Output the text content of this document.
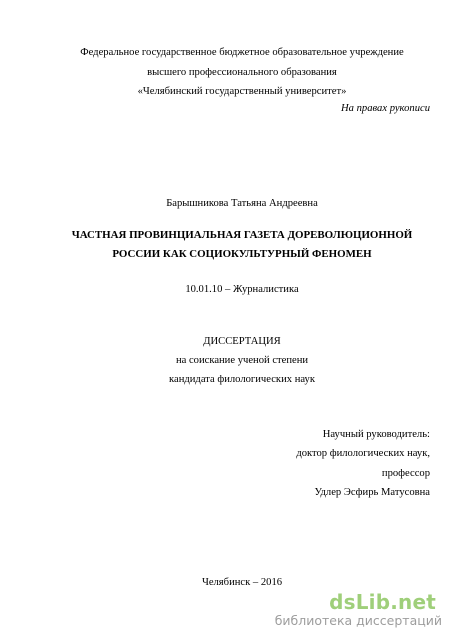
Федеральное государственное бюджетное образовательное учреждение
высшего профессионального образования
«Челябинский государственный университет»
На правах рукописи
Барышникова Татьяна Андреевна
ЧАСТНАЯ ПРОВИНЦИАЛЬНАЯ ГАЗЕТА ДОРЕВОЛЮЦИОННОЙ
РОССИИ КАК СОЦИОКУЛЬТУРНЫЙ ФЕНОМЕН
10.01.10 – Журналистика
ДИССЕРТАЦИЯ
на соискание ученой степени
кандидата филологических наук
Научный руководитель:
доктор филологических наук,
профессор
Удлер Эсфирь Матусовна
Челябинск – 2016
dsLib.net
библиотека диссертаций
